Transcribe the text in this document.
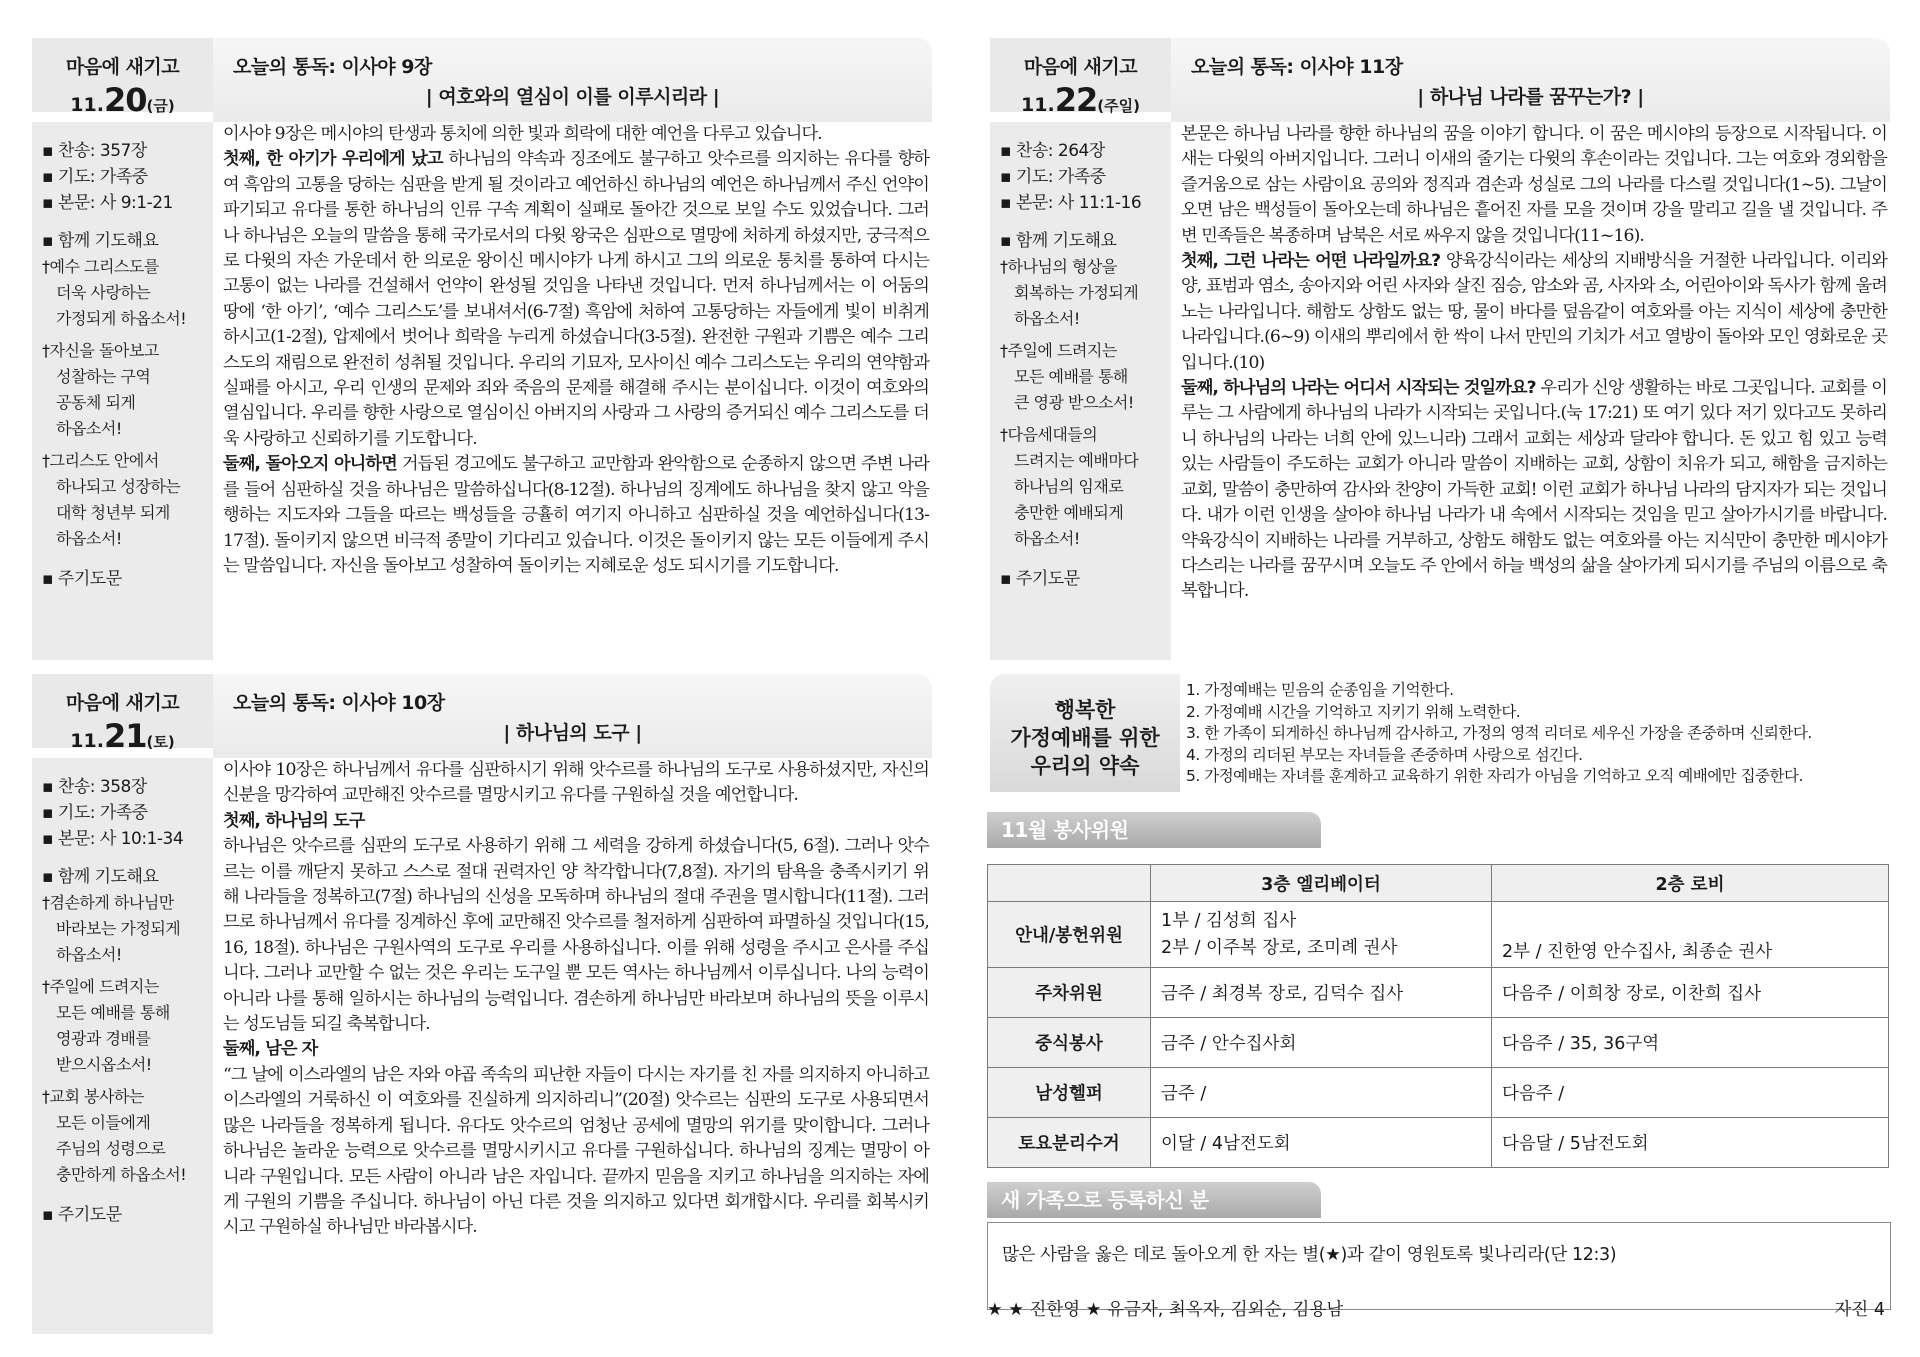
마음에 새기고
11.20(금)
오늘의 통독: 이사야 9장
| 여호와의 열심이 이를 이루시리라 |
▪ 찬송: 357장
▪ 기도: 가족중
▪ 본문: 사 9:1-21
▪ 함께 기도해요
†예수 그리스도를
더욱 사랑하는
가정되게 하옵소서!
†자신을 돌아보고
성찰하는 구역
공동체 되게
하옵소서!
†그리스도 안에서
하나되고 성장하는
대학 청년부 되게
하옵소서!
▪ 주기도문
이사야 9장은 메시야의 탄생과 통치에 의한 빛과 희락에 대한 예언을 다루고 있습니다.
첫째, 한 아기가 우리에게 났고 하나님의 약속과 징조에도 불구하고 앗수르를 의지하는 유다를 향하여 흑암의 고통을 당하는 심판을 받게 될 것이라고 예언하신 하나님의 예언은 하나님께서 주신 언약이 파기되고 유다를 통한 하나님의 인류 구속 계획이 실패로 돌아간 것으로 보일 수도 있었습니다. 그러나 하나님은 오늘의 말씀을 통해 국가로서의 다윗 왕국은 심판으로 멸망에 처하게 하셨지만, 궁극적으로 다윗의 자손 가운데서 한 의로운 왕이신 메시야가 나게 하시고 그의 의로운 통치를 통하여 다시는 고통이 없는 나라를 건설해서 언약이 완성될 것임을 나타낸 것입니다. 먼저 하나님께서는 이 어둠의 땅에 ‘한 아기’, ‘예수 그리스도’를 보내셔서(6-7절) 흑암에 처하여 고통당하는 자들에게 빛이 비취게 하시고(1-2절), 압제에서 벗어나 희락을 누리게 하셨습니다(3-5절). 완전한 구원과 기쁨은 예수 그리스도의 재림으로 완전히 성취될 것입니다. 우리의 기묘자, 모사이신 예수 그리스도는 우리의 연약함과 실패를 아시고, 우리 인생의 문제와 죄와 죽음의 문제를 해결해 주시는 분이십니다. 이것이 여호와의 열심입니다. 우리를 향한 사랑으로 열심이신 아버지의 사랑과 그 사랑의 증거되신 예수 그리스도를 더욱 사랑하고 신뢰하기를 기도합니다.
둘째, 돌아오지 아니하면 거듭된 경고에도 불구하고 교만함과 완악함으로 순종하지 않으면 주변 나라를 들어 심판하실 것을 하나님은 말씀하십니다(8-12절). 하나님의 징계에도 하나님을 찾지 않고 악을 행하는 지도자와 그들을 따르는 백성들을 긍휼히 여기지 아니하고 심판하실 것을 예언하십니다(13-17절). 돌이키지 않으면 비극적 종말이 기다리고 있습니다. 이것은 돌이키지 않는 모든 이들에게 주시는 말씀입니다. 자신을 돌아보고 성찰하여 돌이키는 지혜로운 성도 되시기를 기도합니다.
마음에 새기고
11.21(토)
오늘의 통독: 이사야 10장
| 하나님의 도구 |
▪ 찬송: 358장
▪ 기도: 가족중
▪ 본문: 사 10:1-34
▪ 함께 기도해요
†겸손하게 하나님만
바라보는 가정되게
하옵소서!
†주일에 드려지는
모든 예배를 통해
영광과 경배를
받으시옵소서!
†교회 봉사하는
모든 이들에게
주님의 성령으로
충만하게 하옵소서!
▪ 주기도문
이사야 10장은 하나님께서 유다를 심판하시기 위해 앗수르를 하나님의 도구로 사용하셨지만, 자신의 신분을 망각하여 교만해진 앗수르를 멸망시키고 유다를 구원하실 것을 예언합니다.
첫째, 하나님의 도구
하나님은 앗수르를 심판의 도구로 사용하기 위해 그 세력을 강하게 하셨습니다(5, 6절). 그러나 앗수르는 이를 깨닫지 못하고 스스로 절대 권력자인 양 착각합니다(7,8절). 자기의 탐욕을 충족시키기 위해 나라들을 정복하고(7절) 하나님의 신성을 모독하며 하나님의 절대 주권을 멸시합니다(11절). 그러므로 하나님께서 유다를 징계하신 후에 교만해진 앗수르를 철저하게 심판하여 파멸하실 것입니다(15, 16, 18절). 하나님은 구원사역의 도구로 우리를 사용하십니다. 이를 위해 성령을 주시고 은사를 주십니다. 그러나 교만할 수 없는 것은 우리는 도구일 뿐 모든 역사는 하나님께서 이루십니다. 나의 능력이 아니라 나를 통해 일하시는 하나님의 능력입니다. 겸손하게 하나님만 바라보며 하나님의 뜻을 이루시는 성도님들 되길 축복합니다.
둘째, 남은 자
“그 날에 이스라엘의 남은 자와 야곱 족속의 피난한 자들이 다시는 자기를 친 자를 의지하지 아니하고 이스라엘의 거룩하신 이 여호와를 진실하게 의지하리니”(20절) 앗수르는 심판의 도구로 사용되면서 많은 나라들을 정복하게 됩니다. 유다도 앗수르의 엄청난 공세에 멸망의 위기를 맞이합니다. 그러나 하나님은 놀라운 능력으로 앗수르를 멸망시키시고 유다를 구원하십니다. 하나님의 징계는 멸망이 아니라 구원입니다. 모든 사람이 아니라 남은 자입니다. 끝까지 믿음을 지키고 하나님을 의지하는 자에게 구원의 기쁨을 주십니다. 하나님이 아닌 다른 것을 의지하고 있다면 회개합시다. 우리를 회복시키시고 구원하실 하나님만 바라봅시다.
마음에 새기고
11.22(주일)
오늘의 통독: 이사야 11장
| 하나님 나라를 꿈꾸는가? |
▪ 찬송: 264장
▪ 기도: 가족중
▪ 본문: 사 11:1-16
▪ 함께 기도해요
†하나님의 형상을
회복하는 가정되게
하옵소서!
†주일에 드려지는
모든 예배를 통해
큰 영광 받으소서!
†다음세대들의
드려지는 예배마다
하나님의 임재로
충만한 예배되게
하옵소서!
▪ 주기도문
본문은 하나님 나라를 향한 하나님의 꿈을 이야기 합니다. 이 꿈은 메시야의 등장으로 시작됩니다. 이새는 다윗의 아버지입니다. 그러니 이새의 줄기는 다윗의 후손이라는 것입니다. 그는 여호와 경외함을 즐거움으로 삼는 사람이요 공의와 정직과 겸손과 성실로 그의 나라를 다스릴 것입니다(1~5). 그날이 오면 남은 백성들이 돌아오는데 하나님은 흩어진 자를 모을 것이며 강을 말리고 길을 낼 것입니다. 주변 민족들은 복종하며 남북은 서로 싸우지 않을 것입니다(11~16).
첫째, 그런 나라는 어떤 나라일까요? 양육강식이라는 세상의 지배방식을 거절한 나라입니다. 이리와 양, 표범과 염소, 송아지와 어린 사자와 살진 짐승, 암소와 곰, 사자와 소, 어린아이와 독사가 함께 울려 노는 나라입니다. 해함도 상함도 없는 땅, 물이 바다를 덮음같이 여호와를 아는 지식이 세상에 충만한 나라입니다.(6~9) 이새의 뿌리에서 한 싹이 나서 만민의 기치가 서고 열방이 돌아와 모인 영화로운 곳입니다.(10)
둘째, 하나님의 나라는 어디서 시작되는 것일까요? 우리가 신앙 생활하는 바로 그곳입니다. 교회를 이루는 그 사람에게 하나님의 나라가 시작되는 곳입니다.(눅 17:21) 또 여기 있다 저기 있다고도 못하리니 하나님의 나라는 너희 안에 있느니라) 그래서 교회는 세상과 달라야 합니다. 돈 있고 힘 있고 능력 있는 사람들이 주도하는 교회가 아니라 말씀이 지배하는 교회, 상함이 치유가 되고, 해함을 금지하는 교회, 말씀이 충만하여 감사와 찬양이 가득한 교회! 이런 교회가 하나님 나라의 담지자가 되는 것입니다. 내가 이런 인생을 살아야 하나님 나라가 내 속에서 시작되는 것임을 믿고 살아가시기를 바랍니다. 약육강식이 지배하는 나라를 거부하고, 상함도 해함도 없는 여호와를 아는 지식만이 충만한 메시야가 다스리는 나라를 꿈꾸시며 오늘도 주 안에서 하늘 백성의 삶을 살아가게 되시기를 주님의 이름으로 축복합니다.
행복한
가정예배를 위한
우리의 약속
1. 가정예배는 믿음의 순종임을 기억한다.
2. 가정예배 시간을 기억하고 지키기 위해 노력한다.
3. 한 가족이 되게하신 하나님께 감사하고, 가정의 영적 리더로 세우신 가장을 존중하며 신뢰한다.
4. 가정의 리더된 부모는 자녀들을 존중하며 사랑으로 섬긴다.
5. 가정예배는 자녀를 훈계하고 교육하기 위한 자리가 아님을 기억하고 오직 예배에만 집중한다.
11월 봉사위원
	3층 엘리베이터	2층 로비
안내/봉헌위원	1부 / 김성희 집사
2부 / 이주복 장로, 조미례 권사	2부 / 진한영 안수집사, 최종순 권사
주차위원	금주 / 최경복 장로, 김덕수 집사	다음주 / 이희창 장로, 이찬희 집사
중식봉사	금주 / 안수집사회	다음주 / 35, 36구역
남성헬퍼	금주 /	다음주 /
토요분리수거	이달 / 4남전도회	다음달 / 5남전도회
새 가족으로 등록하신 분
많은 사람을 옳은 데로 돌아오게 한 자는 별(★)과 같이 영원토록 빛나리라(단 12:3)
★ ★ 진한영 ★ 유금자, 최옥자, 김외순, 김용남	자진 4
